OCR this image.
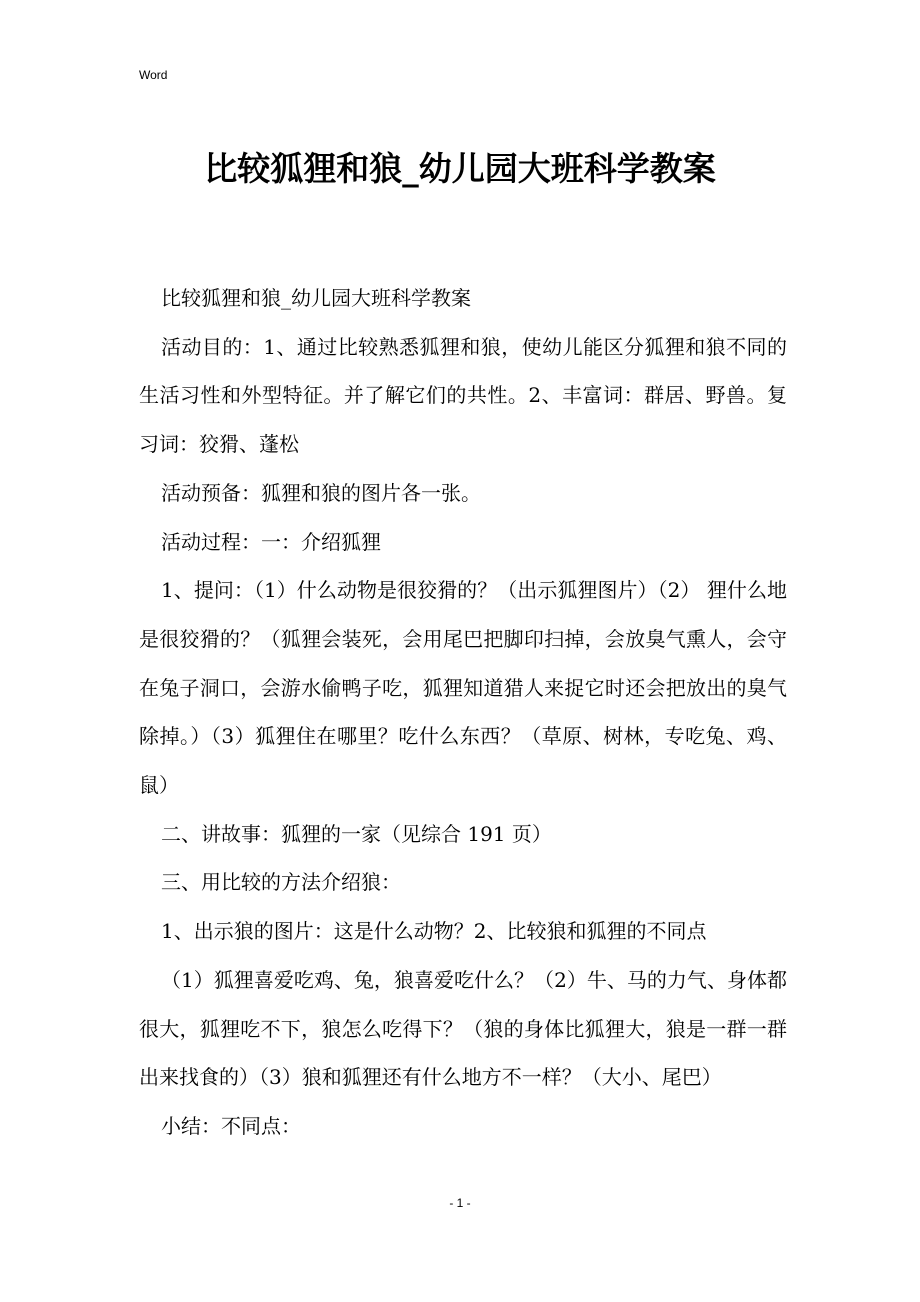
Word
比较狐狸和狼_幼儿园大班科学教案

比较狐狸和狼_幼儿园大班科学教案

活动目的：1、通过比较熟悉狐狸和狼，使幼儿能区分狐狸和狼不同的生活习性和外型特征。并了解它们的共性。2、丰富词：群居、野兽。复习词：狡猾、蓬松

活动预备：狐狸和狼的图片各一张。

活动过程：一：介绍狐狸

1、提问：（1）什么动物是很狡猾的？（出示狐狸图片）（2） 狸什么地是很狡猾的？（狐狸会装死，会用尾巴把脚印扫掉，会放臭气熏人，会守在兔子洞口，会游水偷鸭子吃，狐狸知道猎人来捉它时还会把放出的臭气除掉。）（3）狐狸住在哪里？吃什么东西？（草原、树林，专吃兔、鸡、鼠）

二、讲故事：狐狸的一家（见综合 191 页）

三、用比较的方法介绍狼：

1、出示狼的图片：这是什么动物？2、比较狼和狐狸的不同点

（1）狐狸喜爱吃鸡、兔，狼喜爱吃什么？（2）牛、马的力气、身体都很大，狐狸吃不下，狼怎么吃得下？（狼的身体比狐狸大，狼是一群一群出来找食的）（3）狼和狐狸还有什么地方不一样？（大小、尾巴）

小结：不同点：

- 1 -
